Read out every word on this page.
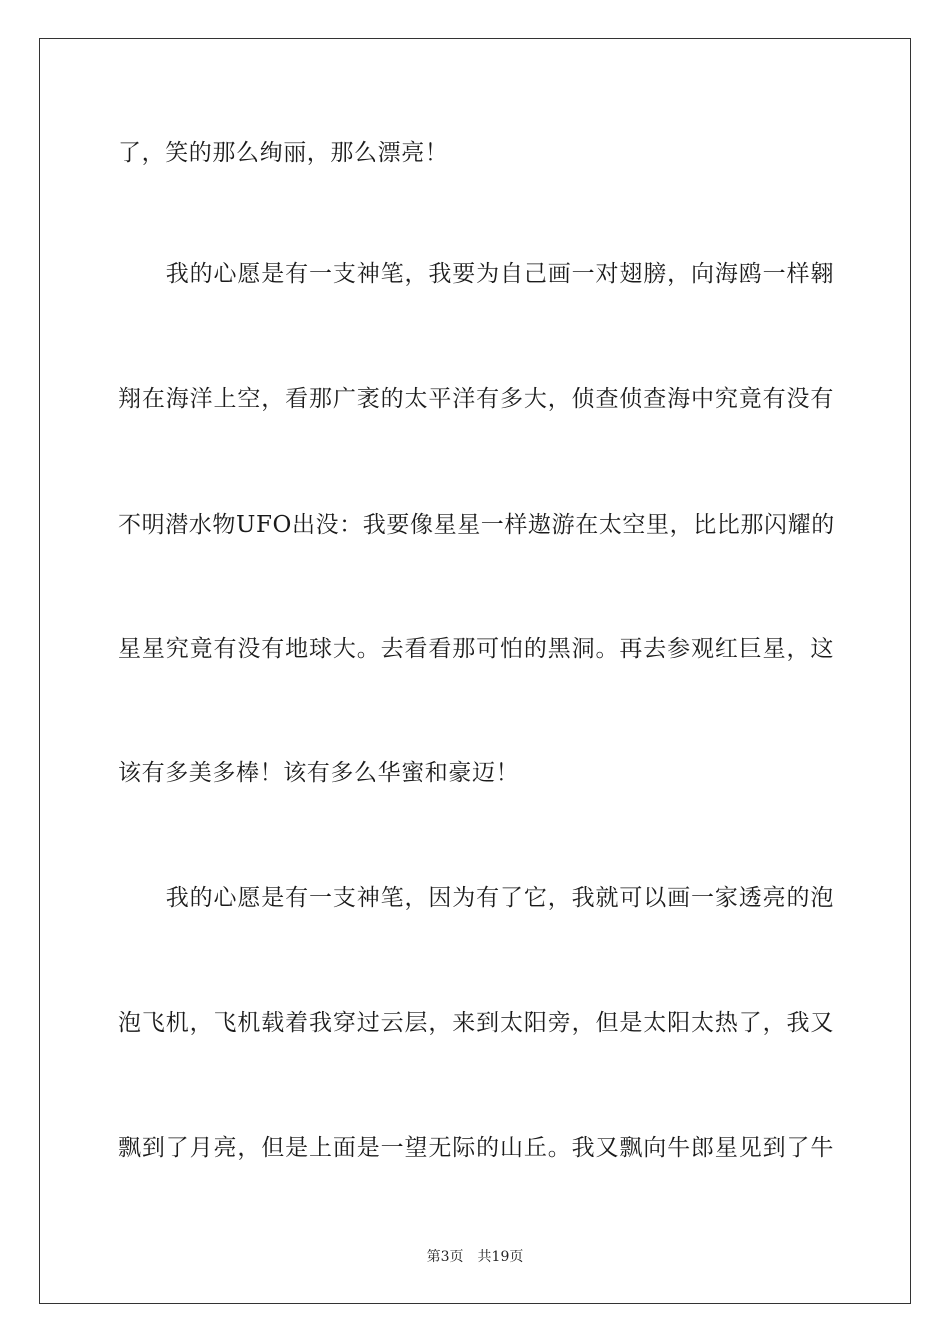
了，笑的那么绚丽，那么漂亮！
　　我的心愿是有一支神笔，我要为自己画一对翅膀，向海鸥一样翱
翔在海洋上空，看那广袤的太平洋有多大，侦查侦查海中究竟有没有
不明潜水物UFO出没：我要像星星一样遨游在太空里，比比那闪耀的
星星究竟有没有地球大。去看看那可怕的黑洞。再去参观红巨星，这
该有多美多棒！该有多么华蜜和豪迈！
　　我的心愿是有一支神笔，因为有了它，我就可以画一家透亮的泡
泡飞机，飞机载着我穿过云层，来到太阳旁，但是太阳太热了，我又
飘到了月亮，但是上面是一望无际的山丘。我又飘向牛郎星见到了牛
第3页 共19页
